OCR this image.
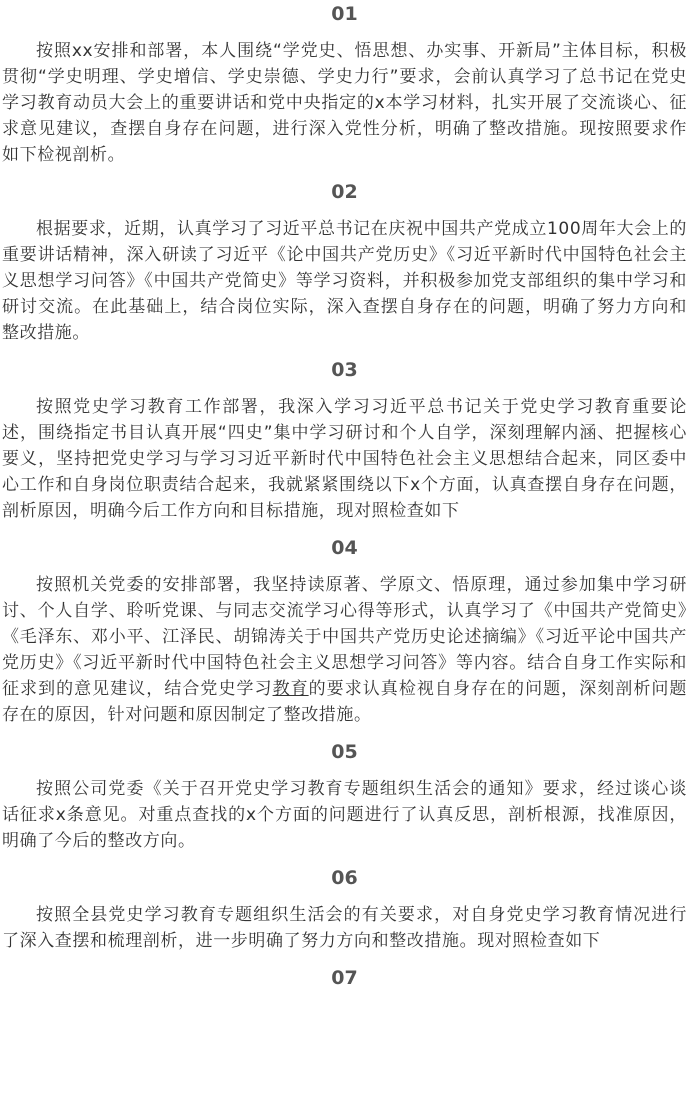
01

按照xx安排和部署，本人围绕“学党史、悟思想、办实事、开新局”主体目标，积极贯彻“学史明理、学史增信、学史崇德、学史力行”要求，会前认真学习了总书记在党史学习教育动员大会上的重要讲话和党中央指定的x本学习材料，扎实开展了交流谈心、征求意见建议，查摆自身存在问题，进行深入党性分析，明确了整改措施。现按照要求作如下检视剖析。

02

根据要求，近期，认真学习了习近平总书记在庆祝中国共产党成立100周年大会上的重要讲话精神，深入研读了习近平《论中国共产党历史》《习近平新时代中国特色社会主义思想学习问答》《中国共产党简史》等学习资料，并积极参加党支部组织的集中学习和研讨交流。在此基础上，结合岗位实际，深入查摆自身存在的问题，明确了努力方向和整改措施。

03

按照党史学习教育工作部署，我深入学习习近平总书记关于党史学习教育重要论述，围绕指定书目认真开展“四史”集中学习研讨和个人自学，深刻理解内涵、把握核心要义，坚持把党史学习与学习习近平新时代中国特色社会主义思想结合起来，同区委中心工作和自身岗位职责结合起来，我就紧紧围绕以下x个方面，认真查摆自身存在问题，剖析原因，明确今后工作方向和目标措施，现对照检查如下

04

按照机关党委的安排部署，我坚持读原著、学原文、悟原理，通过参加集中学习研讨、个人自学、聆听党课、与同志交流学习心得等形式，认真学习了《中国共产党简史》《毛泽东、邓小平、江泽民、胡锦涛关于中国共产党历史论述摘编》《习近平论中国共产党历史》《习近平新时代中国特色社会主义思想学习问答》等内容。结合自身工作实际和征求到的意见建议，结合党史学习教育的要求认真检视自身存在的问题，深刻剖析问题存在的原因，针对问题和原因制定了整改措施。

05

按照公司党委《关于召开党史学习教育专题组织生活会的通知》要求，经过谈心谈话征求x条意见。对重点查找的x个方面的问题进行了认真反思，剖析根源，找准原因，明确了今后的整改方向。

06

按照全县党史学习教育专题组织生活会的有关要求，对自身党史学习教育情况进行了深入查摆和梳理剖析，进一步明确了努力方向和整改措施。现对照检查如下

07
